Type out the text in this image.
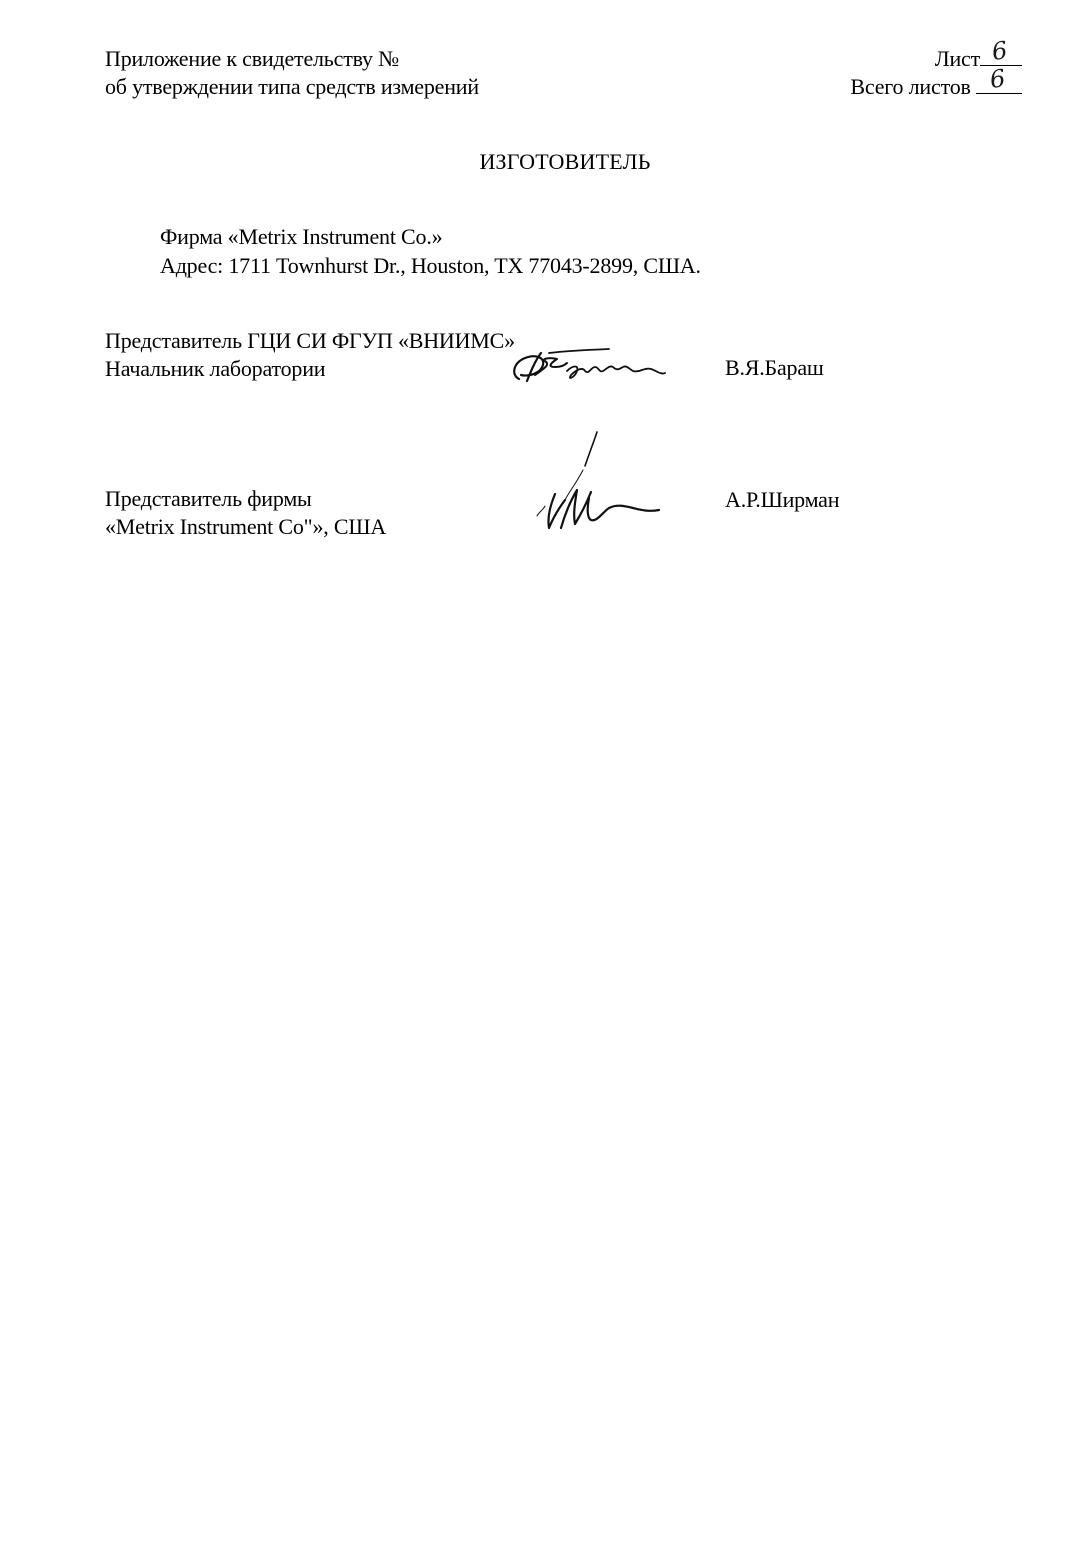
Приложение к свидетельству №
об утверждении типа средств измерений
Лист 6
Всего листов 6
ИЗГОТОВИТЕЛЬ
Фирма «Metrix Instrument Co.»
Адрес: 1711 Townhurst Dr., Houston, TX 77043-2899, США.
Представитель ГЦИ СИ ФГУП «ВНИИМС»
Начальник лаборатории	В.Я.Бараш
Представитель фирмы
«Metrix Instrument Co"», США
А.Р.Ширман
